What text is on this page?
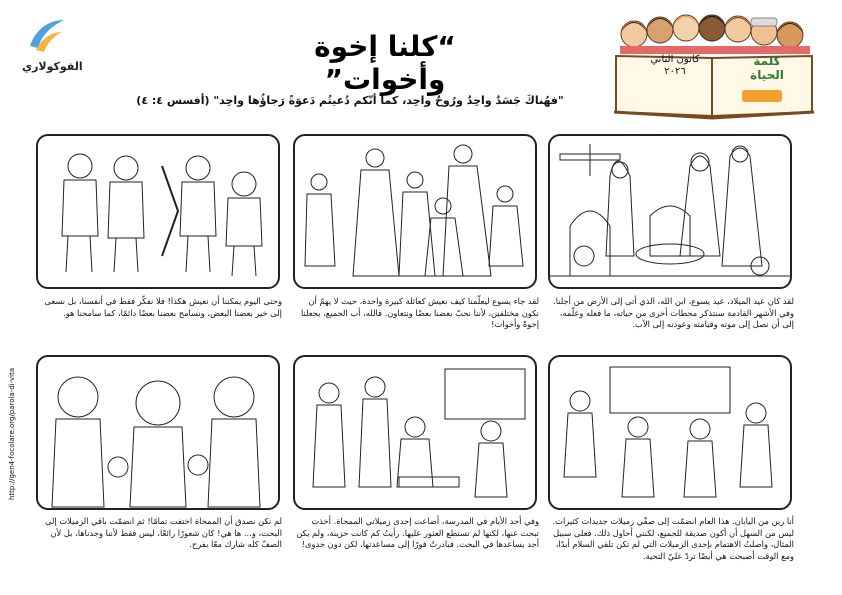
الفوكولاري
“كلنا إخوة وأخوات”
"فهُناكَ جَسَدٌ واحِدٌ ورُوحٌ واحِد، كما أنّكم دُعيتُم دَعوَةً رَجاؤُها واحِد" (أفسس ٤: ٤)
كانون الثاني
٢٠٢٦
كلمة
الحياة
لقد كان عيد الميلاد، عيد يسوع، ابن الله، الذي أتى إلى الأرض من أجلنا. وفي الأشهر القادمة سنتذكر محطات أخرى من حياته، ما فعله وعلّمه، إلى أن نصل إلى موته وقيامته وعودته إلى الآب.
لقد جاء يسوع ليعلّمنا كيف نعيش كعائلة كبيرة واحدة، حيث لا يهمّ أن نكون مختلفين، لأننا نحبّ بعضنا بعضًا ونتعاون. فالله، أب الجميع، يجعلنا إخوةً وأخوات!
وحتى اليوم يمكننا أن نعيش هكذا! فلا نفكّر فقط في أنفسنا، بل نسعى إلى خير بعضنا البعض، ونسامح بعضنا بعضًا دائمًا، كما سامحنا هو.
أنا رين من اليابان. هذا العام انضمّت إلى صفّي زميلات جديدات كثيرات. ليس من السهل أن أكون صديقة للجميع، لكنني أحاول ذلك. فعلى سبيل المثال، واصلتُ الاهتمام بإحدى الزميلات التي لم تكن تلقي السلام أبدًا، ومع الوقت أصبحت هي أيضًا تردّ عليّ التحية.
وفي أحد الأيام في المدرسة، أضاعت إحدى زميلاتي الممحاة. أخذت تبحث عنها، لكنها لم تستطع العثور عليها. رأيتُ كم كانت حزينة، ولم يكن أحد يساعدها في البحث. فبادرتُ فورًا إلى مساعدتها، لكن دون جدوى!
لم نكن نصدق أن الممحاة اختفت تمامًا! ثم انضمّت باقي الزميلات إلى البحث، و... ها هي! كان شعورًا رائعًا، ليس فقط لأننا وجدناها، بل لأن الصفّ كله شارك معًا بفرح.
http://gen4-focolare.org/parola-di-vita
